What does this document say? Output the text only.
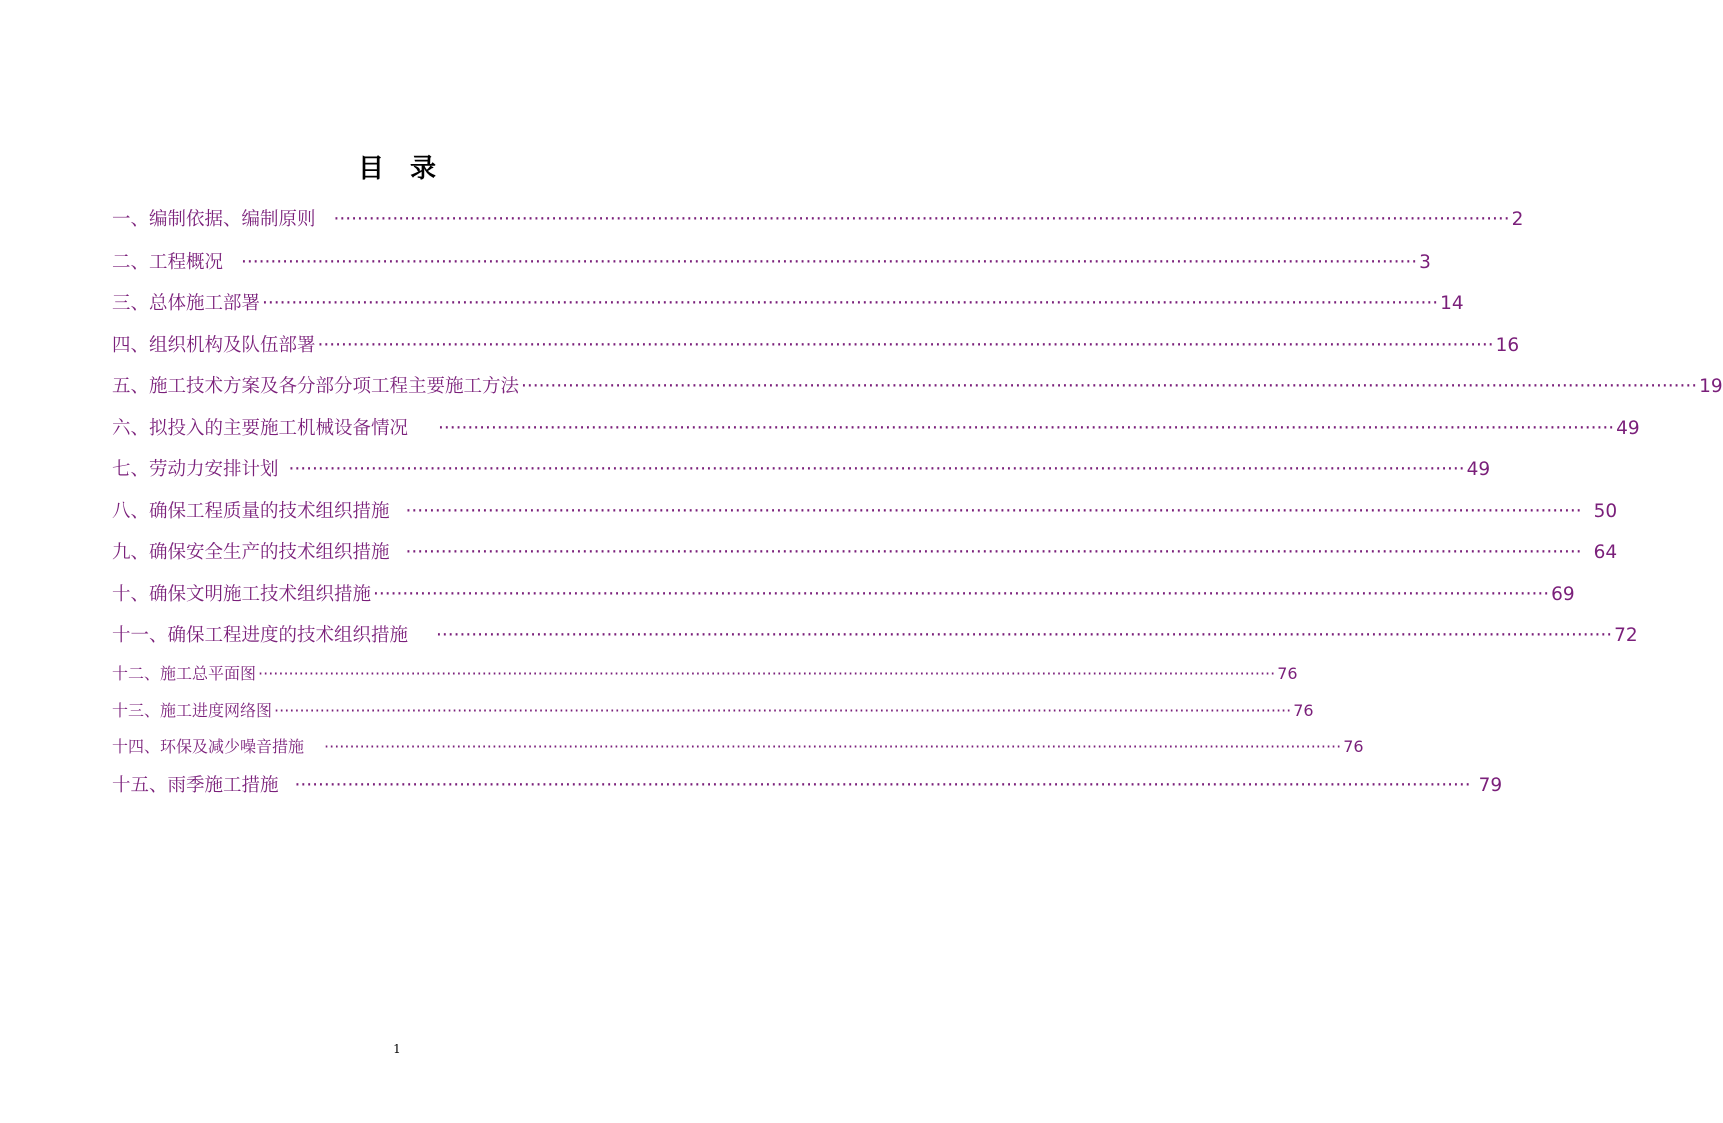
目　录
一、编制依据、编制原则 ········································································································································································································ 2
二、工程概况 ········································································································································································································ 3
三、总体施工部署 ········································································································································································································ 14
四、组织机构及队伍部署 ········································································································································································································ 16
五、施工技术方案及各分部分项工程主要施工方法 ········································································································································································································ 19
六、拟投入的主要施工机械设备情况 ········································································································································································································ 49
七、劳动力安排计划 ········································································································································································································ 49
八、确保工程质量的技术组织措施 ········································································································································································································ 50
九、确保安全生产的技术组织措施 ········································································································································································································ 64
十、确保文明施工技术组织措施 ········································································································································································································ 69
十一、确保工程进度的技术组织措施 ········································································································································································································ 72
十二、施工总平面图 ········································································································································································································ 76
十三、施工进度网络图 ········································································································································································································ 76
十四、环保及减少噪音措施 ········································································································································································································ 76
十五、雨季施工措施 ········································································································································································································ 79
1
